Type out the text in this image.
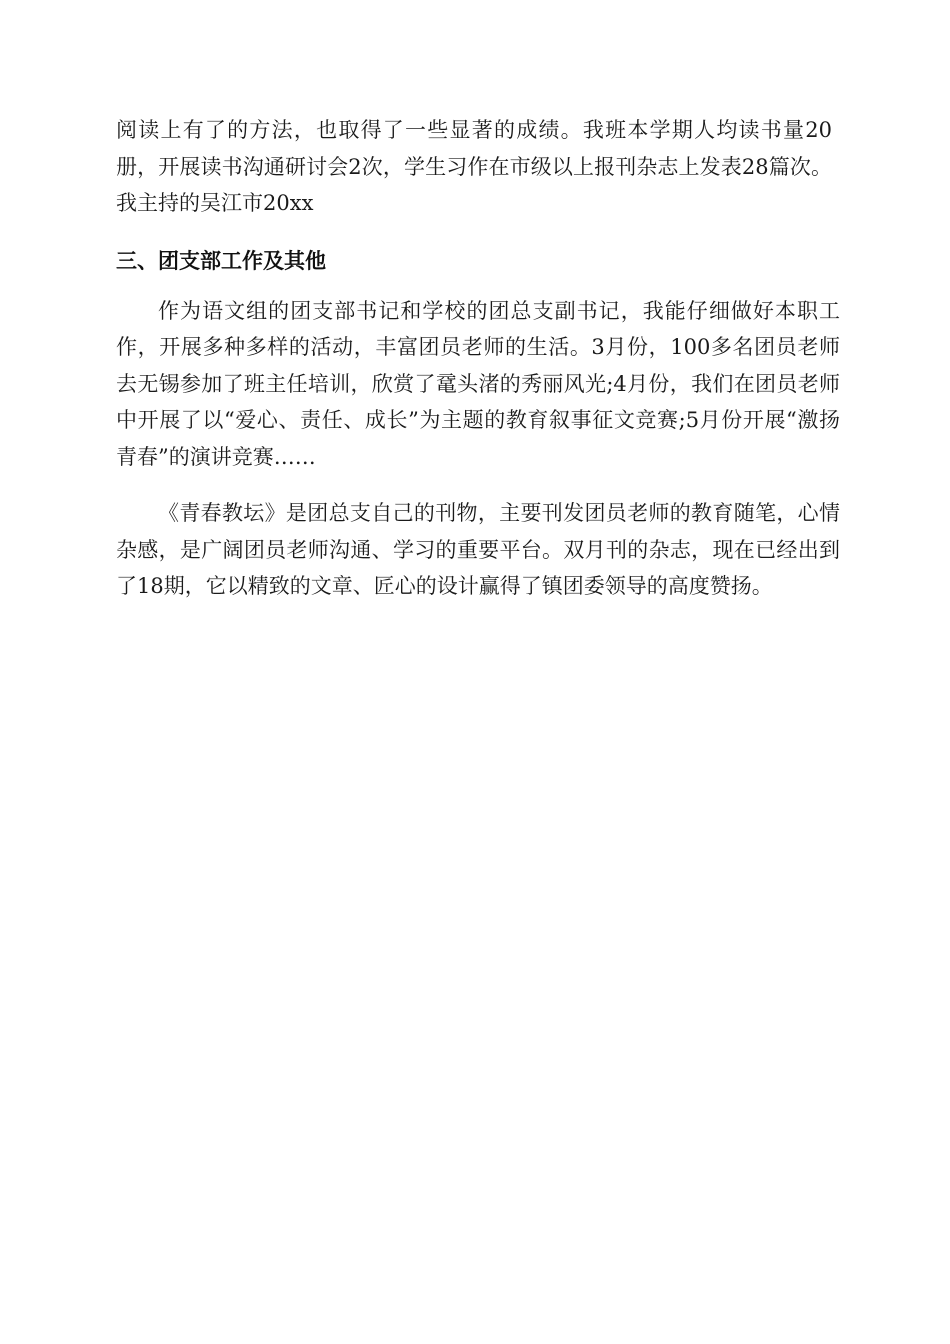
阅读上有了的方法，也取得了一些显著的成绩。我班本学期人均读书量20册，开展读书沟通研讨会2次，学生习作在市级以上报刊杂志上发表28篇次。我主持的吴江市20xx

三、团支部工作及其他

作为语文组的团支部书记和学校的团总支副书记，我能仔细做好本职工作，开展多种多样的活动，丰富团员老师的生活。3月份，100多名团员老师去无锡参加了班主任培训，欣赏了鼋头渚的秀丽风光;4月份，我们在团员老师中开展了以“爱心、责任、成长”为主题的教育叙事征文竞赛;5月份开展“激扬青春”的演讲竞赛……

《青春教坛》是团总支自己的刊物，主要刊发团员老师的教育随笔，心情杂感，是广阔团员老师沟通、学习的重要平台。双月刊的杂志，现在已经出到了18期，它以精致的文章、匠心的设计赢得了镇团委领导的高度赞扬。
